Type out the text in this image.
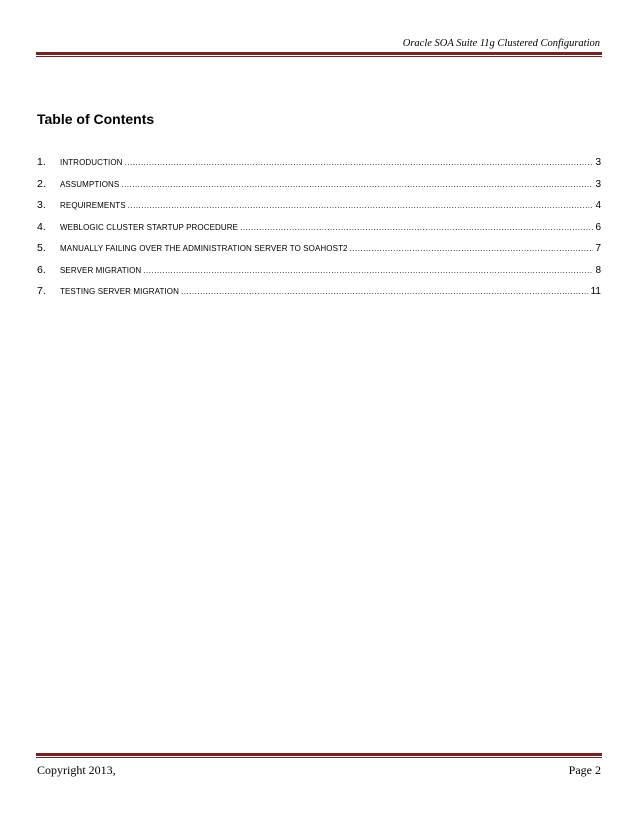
Oracle SOA Suite 11g Clustered Configuration
Table of Contents
1.	INTRODUCTION .....	3
2.	ASSUMPTIONS .....	3
3.	REQUIREMENTS .....	4
4.	WEBLOGIC CLUSTER STARTUP PROCEDURE .....	6
5.	MANUALLY FAILING OVER THE ADMINISTRATION SERVER TO SOAHOST2 .....	7
6.	SERVER MIGRATION .....	8
7.	TESTING SERVER MIGRATION .....	11
Copyright 2013,	Page 2
